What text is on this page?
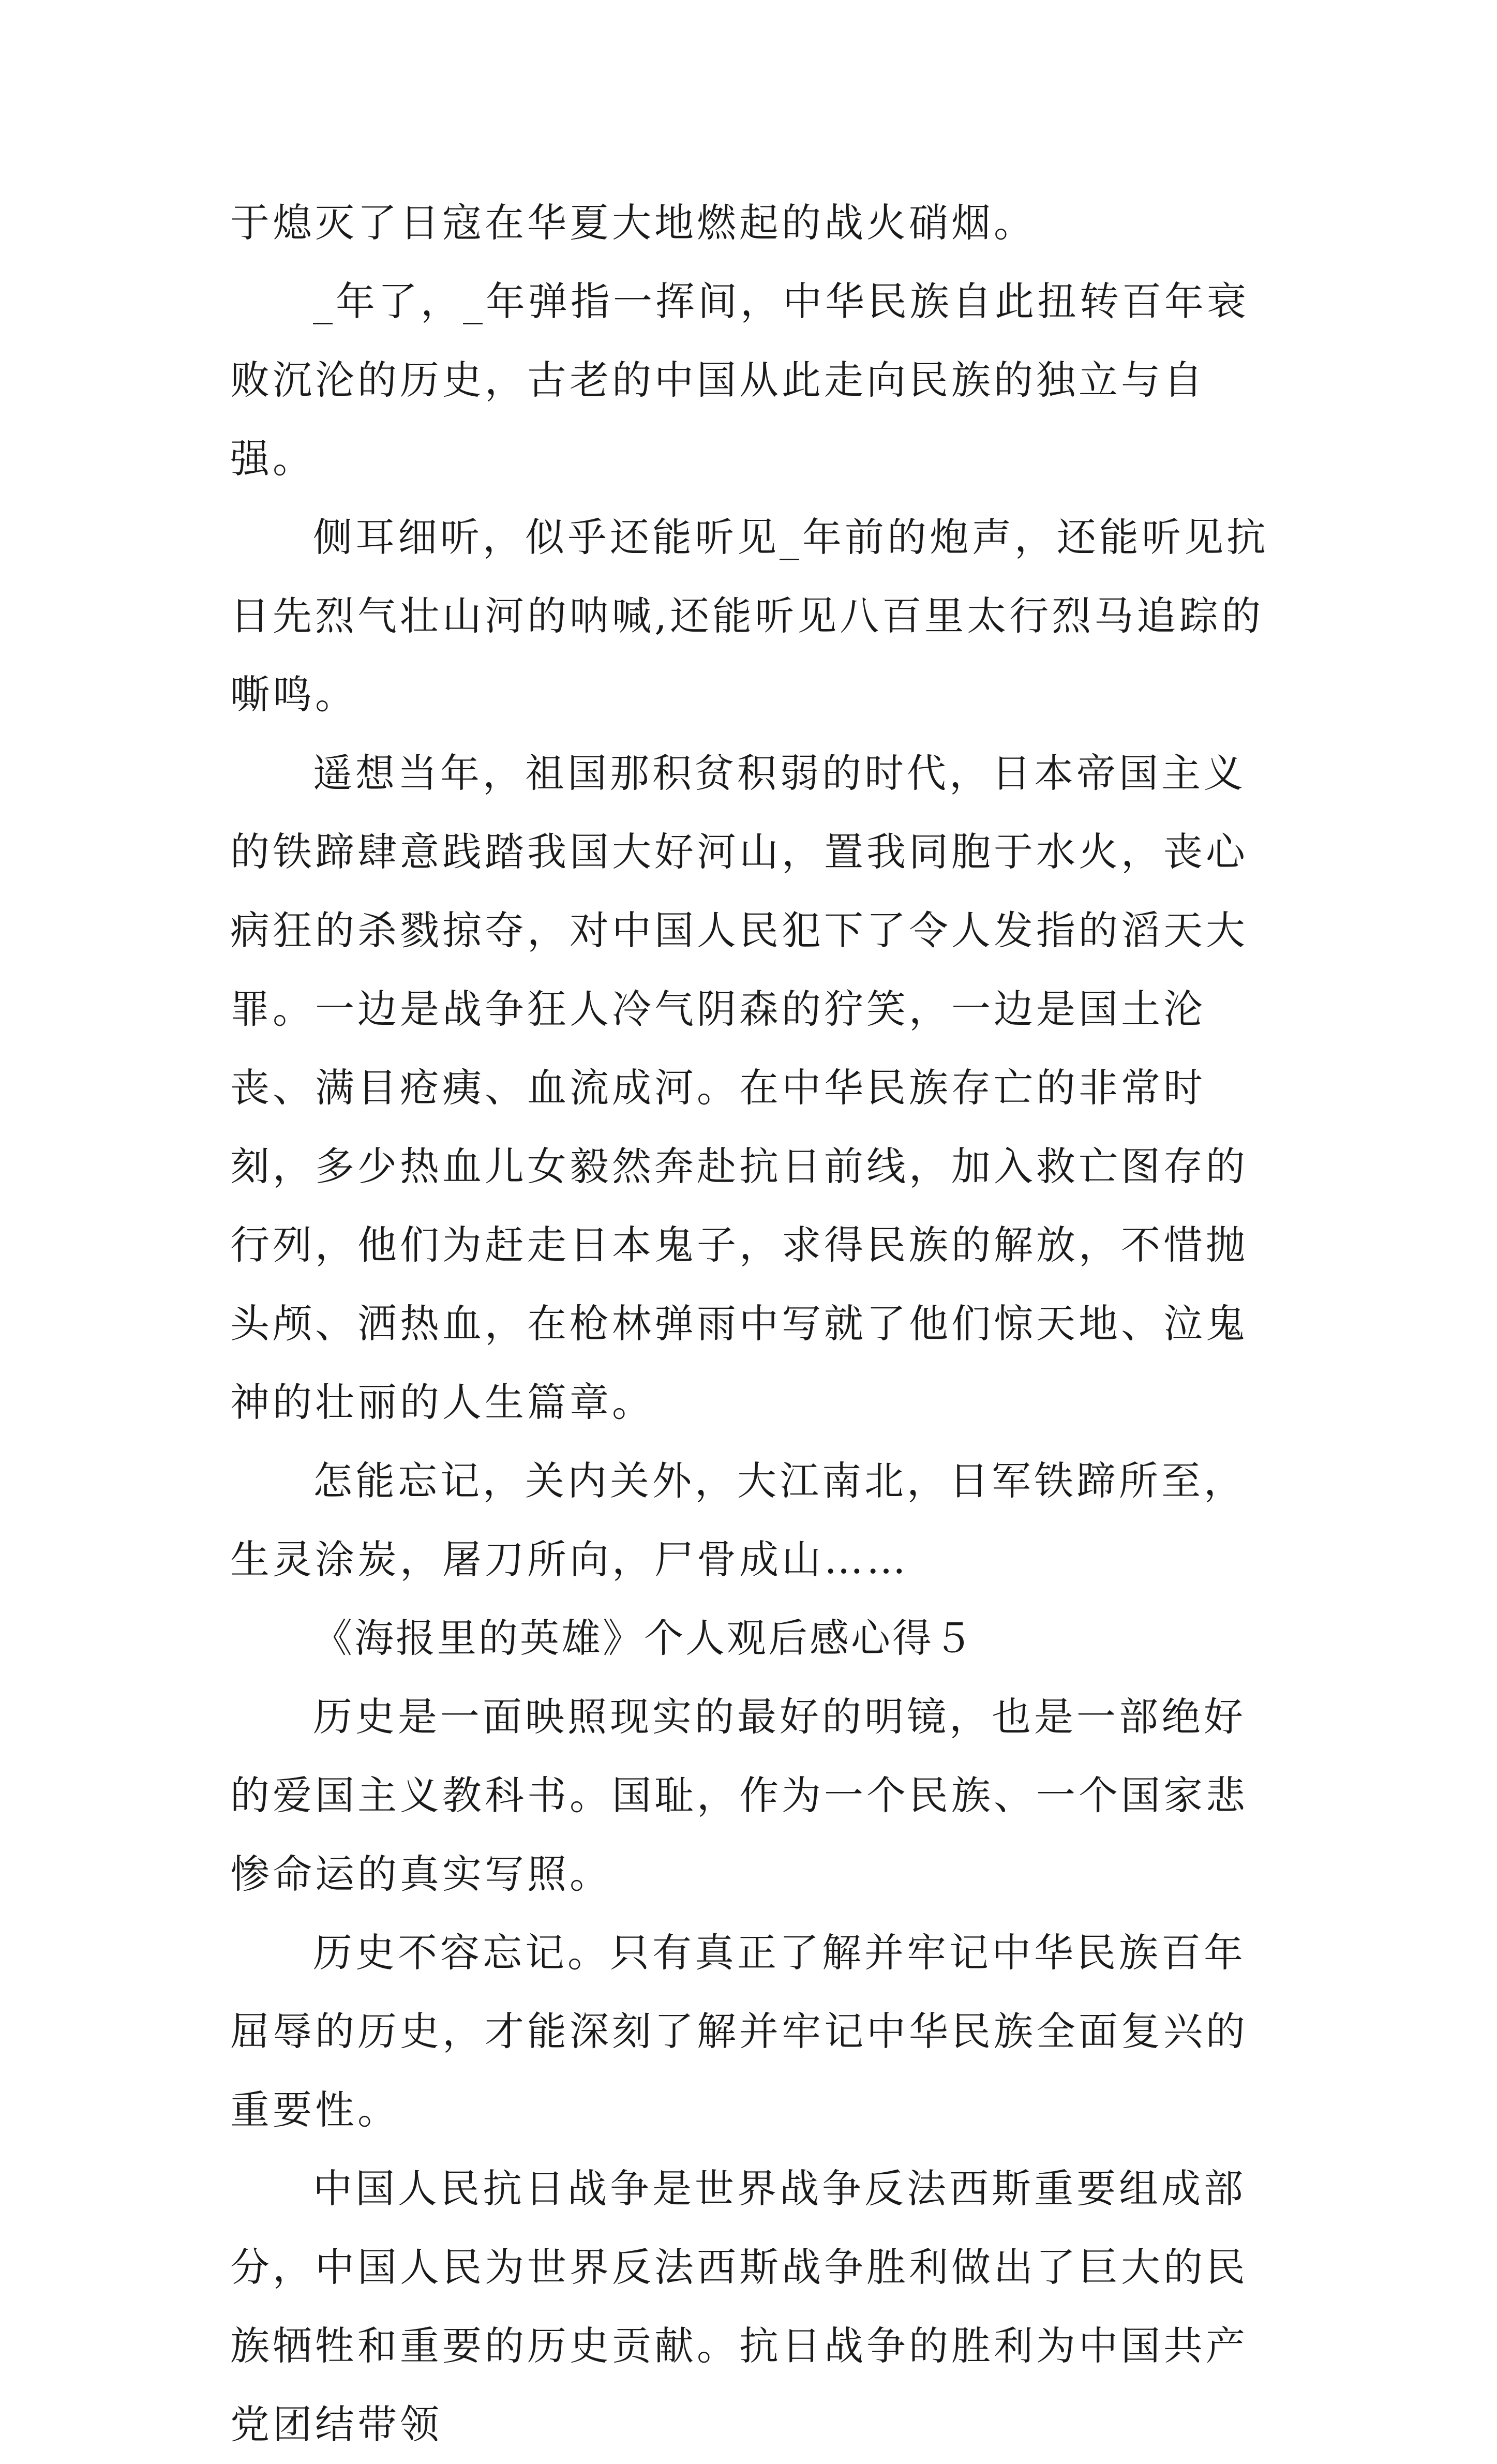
于熄灭了日寇在华夏大地燃起的战火硝烟。

_年了，_年弹指一挥间，中华民族自此扭转百年衰败沉沦的历史，古老的中国从此走向民族的独立与自强。

侧耳细听，似乎还能听见_年前的炮声，还能听见抗日先烈气壮山河的呐喊,还能听见八百里太行烈马追踪的嘶鸣。

遥想当年，祖国那积贫积弱的时代，日本帝国主义的铁蹄肆意践踏我国大好河山，置我同胞于水火，丧心病狂的杀戮掠夺，对中国人民犯下了令人发指的滔天大罪。一边是战争狂人冷气阴森的狞笑，一边是国土沦丧、满目疮痍、血流成河。在中华民族存亡的非常时刻，多少热血儿女毅然奔赴抗日前线，加入救亡图存的行列，他们为赶走日本鬼子，求得民族的解放，不惜抛头颅、洒热血，在枪林弹雨中写就了他们惊天地、泣鬼神的壮丽的人生篇章。

怎能忘记，关内关外，大江南北，日军铁蹄所至，生灵涂炭，屠刀所向，尸骨成山……

《海报里的英雄》个人观后感心得５

历史是一面映照现实的最好的明镜，也是一部绝好的爱国主义教科书。国耻，作为一个民族、一个国家悲惨命运的真实写照。

历史不容忘记。只有真正了解并牢记中华民族百年屈辱的历史，才能深刻了解并牢记中华民族全面复兴的重要性。

中国人民抗日战争是世界战争反法西斯重要组成部分，中国人民为世界反法西斯战争胜利做出了巨大的民族牺牲和重要的历史贡献。抗日战争的胜利为中国共产党团结带领
